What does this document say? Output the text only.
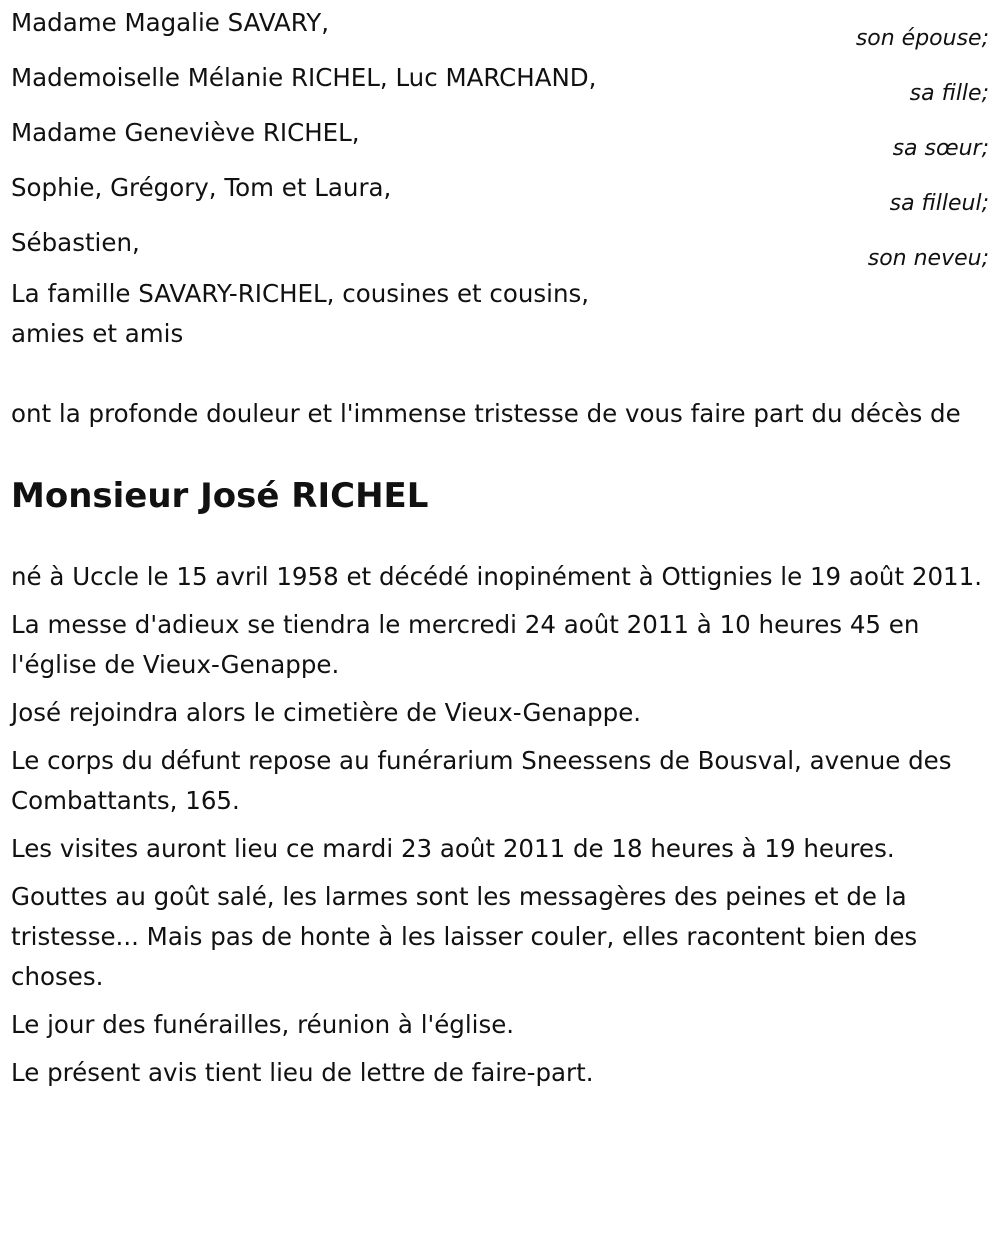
Madame Magalie SAVARY,
son épouse;
Mademoiselle Mélanie RICHEL, Luc MARCHAND,
sa fille;
Madame Geneviève RICHEL,
sa sœur;
Sophie, Grégory, Tom et Laura,
sa filleul;
Sébastien,
son neveu;
La famille SAVARY-RICHEL, cousines et cousins,
amies et amis
ont la profonde douleur et l'immense tristesse de vous faire part du décès de
Monsieur José RICHEL

né à Uccle le 15 avril 1958 et décédé inopinément à Ottignies le 19 août 2011.

La messe d'adieux se tiendra le mercredi 24 août 2011 à 10 heures 45 en l'église de Vieux-Genappe.

José rejoindra alors le cimetière de Vieux-Genappe.

Le corps du défunt repose au funérarium Sneessens de Bousval, avenue des Combattants, 165.

Les visites auront lieu ce mardi 23 août 2011 de 18 heures à 19 heures.

Gouttes au goût salé, les larmes sont les messagères des peines et de la tristesse... Mais pas de honte à les laisser couler, elles racontent bien des choses.

Le jour des funérailles, réunion à l'église.

Le présent avis tient lieu de lettre de faire-part.
